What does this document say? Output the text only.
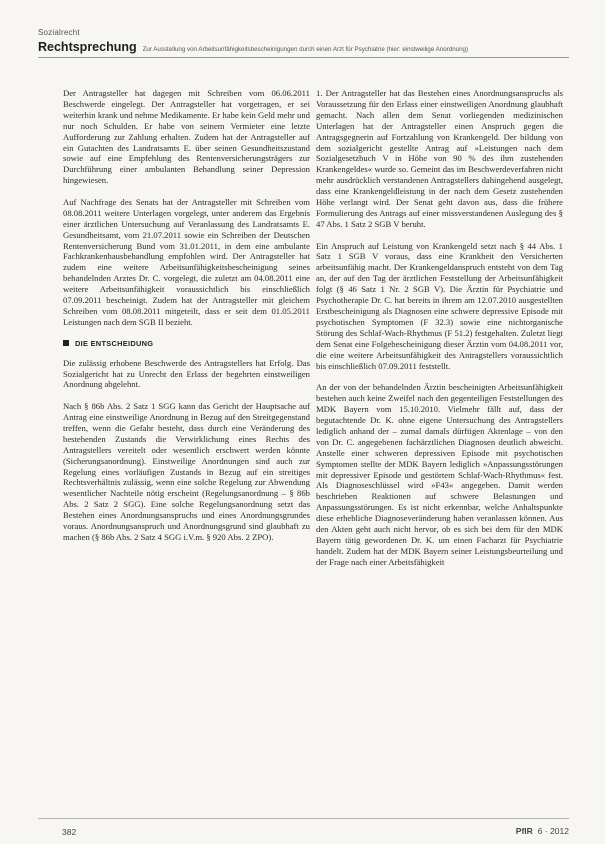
Sozialrecht
Rechtsprechung Zur Ausstellung von Arbeitsunfähigkeitsbescheinigungen durch einen Arzt für Psychiatrie (hier: einstweilige Anordnung)

Der Antragsteller hat dagegen mit Schreiben vom 06.06.2011 Beschwerde eingelegt. Der Antragsteller hat vorgetragen, er sei weiterhin krank und nehme Medikamente. Er habe kein Geld mehr und nur noch Schulden. Er habe von seinem Vermieter eine letzte Aufforderung zur Zahlung erhalten. Zudem hat der Antragsteller auf ein Gutachten des Landratsamts E. über seinen Gesundheitszustand sowie auf eine Empfehlung des Rentenversicherungsträgers zur Durchführung einer ambulanten Behandlung seiner Depression hingewiesen.

Auf Nachfrage des Senats hat der Antragsteller mit Schreiben vom 08.08.2011 weitere Unterlagen vorgelegt, unter anderem das Ergebnis einer ärztlichen Untersuchung auf Veranlassung des Landratsamts E. Gesundheitsamt, vom 21.07.2011 sowie ein Schreiben der Deutschen Rentenversicherung Bund vom 31.01.2011, in dem eine ambulante Fachkrankenhausbehandlung empfohlen wird. Der Antragsteller hat zudem eine weitere Arbeitsunfähigkeitsbescheinigung seines behandelnden Arztes Dr. C. vorgelegt, die zuletzt am 04.08.2011 eine weitere Arbeitsunfähigkeit voraussichtlich bis einschließlich 07.09.2011 bescheinigt. Zudem hat der Antragsteller mit gleichem Schreiben vom 08.08.2011 mitgeteilt, dass er seit dem 01.05.2011 Leistungen nach dem SGB II bezieht.

DIE ENTSCHEIDUNG

Die zulässig erhobene Beschwerde des Antragstellers hat Erfolg. Das Sozialgericht hat zu Unrecht den Erlass der begehrten einstweiligen Anordnung abgelehnt.

Nach § 86b Abs. 2 Satz 1 SGG kann das Gericht der Hauptsache auf Antrag eine einstweilige Anordnung in Bezug auf den Streitgegenstand treffen, wenn die Gefahr besteht, dass durch eine Veränderung des bestehenden Zustands die Verwirklichung eines Rechts des Antragstellers vereitelt oder wesentlich erschwert werden könnte (Sicherungsanordnung). Einstweilige Anordnungen sind auch zur Regelung eines vorläufigen Zustands in Bezug auf ein streitiges Rechtsverhältnis zulässig, wenn eine solche Regelung zur Abwendung wesentlicher Nachteile nötig erscheint (Regelungsanordnung – § 86b Abs. 2 Satz 2 SGG). Eine solche Regelungsanordnung setzt das Bestehen eines Anordnungsanspruchs und eines Anordnungsgrundes voraus. Anordnungsanspruch und Anordnungsgrund sind glaubhaft zu machen (§ 86b Abs. 2 Satz 4 SGG i.V.m. § 920 Abs. 2 ZPO).

1. Der Antragsteller hat das Bestehen eines Anordnungsanspruchs als Voraussetzung für den Erlass einer einstweiligen Anordnung glaubhaft gemacht. Nach allen dem Senat vorliegenden medizinischen Unterlagen hat der Antragsteller einen Anspruch gegen die Antragsgegnerin auf Fortzahlung von Krankengeld. Der bildung von dem sozialgericht gestellte Antrag auf »Leistungen nach dem Sozialgesetzbuch V in Höhe von 90 % des ihm zustehenden Krankengeldes« wurde so. Gemeint das im Beschwerdeverfahren nicht mehr ausdrücklich verstandenen Antragstellers dahingehend ausgelegt, dass eine Krankengeldleistung in der nach dem Gesetz zustehenden Höhe verlangt wird. Der Senat geht davon aus, dass die frühere Formulierung des Antrags auf einer missverstandenen Auslegung des § 47 Abs. 1 Satz 2 SGB V beruht.

Ein Anspruch auf Leistung von Krankengeld setzt nach § 44 Abs. 1 Satz 1 SGB V voraus, dass eine Krankheit den Versicherten arbeitsunfähig macht. Der Krankengeldanspruch entsteht von dem Tag an, der auf den Tag der ärztlichen Feststellung der Arbeitsunfähigkeit folgt (§ 46 Satz 1 Nr. 2 SGB V). Die Ärztin für Psychiatrie und Psychotherapie Dr. C. hat bereits in ihrem am 12.07.2010 ausgestellten Erstbescheinigung als Diagnosen eine schwere depressive Episode mit psychotischen Symptomen (F 32.3) sowie eine nichtorganische Störung des Schlaf-Wach-Rhythmus (F 51.2) festgehalten. Zuletzt liegt dem Senat eine Folgebescheinigung dieser Ärztin vom 04.08.2011 vor, die eine weitere Arbeitsunfähigkeit des Antragstellers voraussichtlich bis einschließlich 07.09.2011 feststellt.

An der von der behandelnden Ärztin bescheinigten Arbeitsunfähigkeit bestehen auch keine Zweifel nach den gegenteiligen Feststellungen des MDK Bayern vom 15.10.2010. Vielmehr fällt auf, dass der begutachtende Dr. K. ohne eigene Untersuchung des Antragstellers lediglich anhand der – zumal damals dürftigen Aktenlage – von den von Dr. C. angegebenen fachärztlichen Diagnosen deutlich abweicht. Anstelle einer schweren depressiven Episode mit psychotischen Symptomen stellte der MDK Bayern lediglich »Anpassungsstörungen mit depressiver Episode und gestörtem Schlaf-Wach-Rhythmus« fest. Als Diagnoseschlüssel wird »F43« angegeben. Damit werden beschrieben Reaktionen auf schwere Belastungen und Anpassungsstörungen. Es ist nicht erkennbar, welche Anhaltspunkte diese erhebliche Diagnoseveränderung haben veranlassen können. Aus den Akten geht auch nicht hervor, ob es sich bei dem für den MDK Bayern tätig gewordenen Dr. K. um einen Facharzt für Psychiatrie handelt. Zudem hat der MDK Bayern seiner Leistungsbeurteilung und der Frage nach einer Arbeitsfähigkeit

382	PflR 6 · 2012
